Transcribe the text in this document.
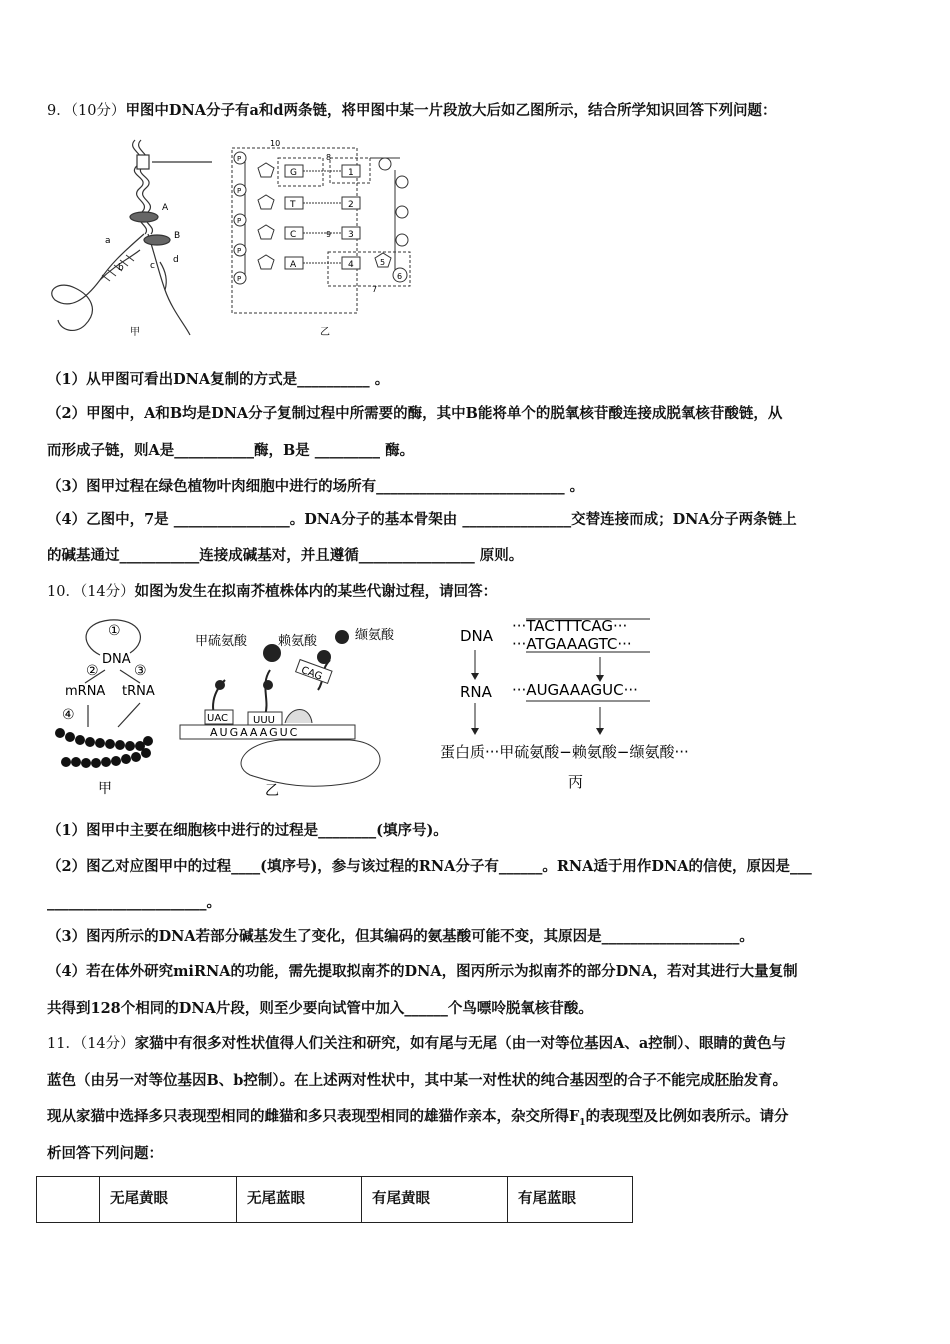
9．（10分）甲图中DNA分子有a和d两条链，将甲图中某一片段放大后如乙图所示，结合所学知识回答下列问题：
A
B
a
b	c
d
甲	乙
10
8
9
7
G
T
C
A
1
2
3
4	5
6
P
P
P
P
P
（1）从甲图可看出DNA复制的方式是__________ 。
（2）甲图中，A和B均是DNA分子复制过程中所需要的酶，其中B能将单个的脱氧核苷酸连接成脱氧核苷酸链，从
而形成子链，则A是___________酶，B是 _________ 酶。
（3）图甲过程在绿色植物叶肉细胞中进行的场所有__________________________ 。
（4）乙图中，7是 ________________。DNA分子的基本骨架由 _______________交替连接而成；DNA分子两条链上
的碱基通过___________连接成碱基对，并且遵循________________ 原则。
10．（14分）如图为发生在拟南芥植株体内的某些代谢过程，请回答：
①
DNA
②	③
mRNA tRNA
④
甲
甲硫氨酸 赖氨酸	缬氨酸
UAC	UUU
CAG
AUGAAAGUC
乙
DNA
···TACTTTCAG···
···ATGAAAGTC···
RNA ···AUGAAAGUC···
蛋白质···甲硫氨酸−赖氨酸−缬氨酸···
丙
（1）图甲中主要在细胞核中进行的过程是________(填序号)。
（2）图乙对应图甲中的过程____(填序号)，参与该过程的RNA分子有______。RNA适于用作DNA的信使，原因是___
______________________。
（3）图丙所示的DNA若部分碱基发生了变化，但其编码的氨基酸可能不变，其原因是___________________。
（4）若在体外研究miRNA的功能，需先提取拟南芥的DNA，图丙所示为拟南芥的部分DNA，若对其进行大量复制
共得到128个相同的DNA片段，则至少要向试管中加入______个鸟嘌呤脱氧核苷酸。
11．（14分）家猫中有很多对性状值得人们关注和研究，如有尾与无尾（由一对等位基因A、a控制）、眼睛的黄色与
蓝色（由另一对等位基因B、b控制）。在上述两对性状中，其中某一对性状的纯合基因型的合子不能完成胚胎发育。
现从家猫中选择多只表现型相同的雌猫和多只表现型相同的雄猫作亲本，杂交所得$F_1$的表现型及比例如表所示。请分
析回答下列问题：
	无尾黄眼	无尾蓝眼	有尾黄眼	有尾蓝眼
